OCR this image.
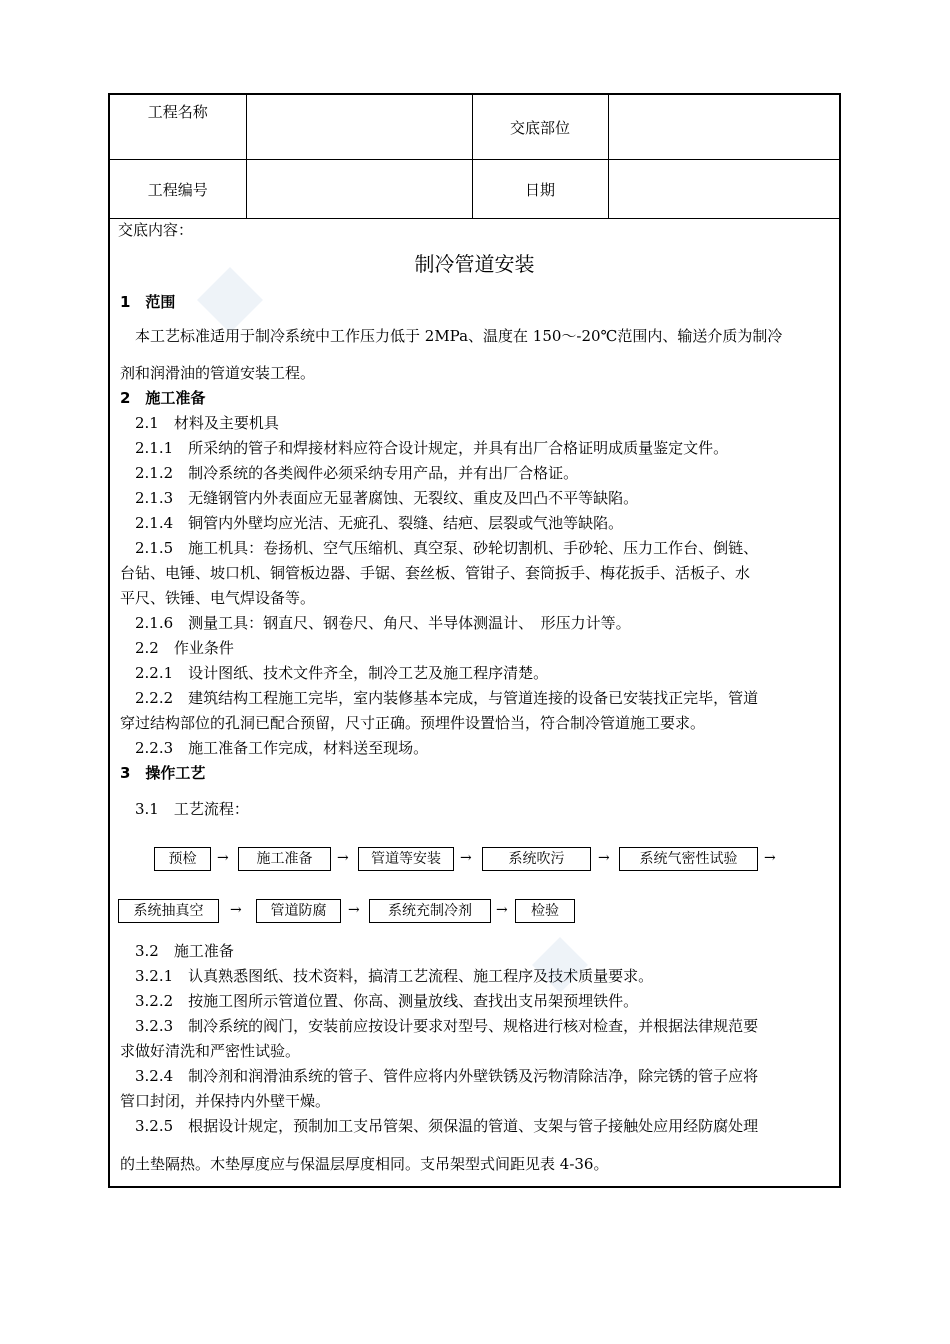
工程名称		交底部位	
工程编号		日期	
交底内容：
制冷管道安装
1　范围
本工艺标准适用于制冷系统中工作压力低于 2MPa、温度在 150～-20℃范围内、输送介质为制冷
剂和润滑油的管道安装工程。
2　施工准备
2.1　材料及主要机具
2.1.1　所采纳的管子和焊接材料应符合设计规定，并具有出厂合格证明成质量鉴定文件。
2.1.2　制冷系统的各类阀件必须采纳专用产品，并有出厂合格证。
2.1.3　无缝钢管内外表面应无显著腐蚀、无裂纹、重皮及凹凸不平等缺陷。
2.1.4　铜管内外壁均应光洁、无疵孔、裂缝、结疤、层裂或气池等缺陷。
2.1.5　施工机具：卷扬机、空气压缩机、真空泵、砂轮切割机、手砂轮、压力工作台、倒链、
台钻、电锤、坡口机、铜管板边器、手锯、套丝板、管钳子、套筒扳手、梅花扳手、活板子、水
平尺、铁锤、电气焊设备等。
2.1.6　测量工具：钢直尺、钢卷尺、角尺、半导体测温计、　形压力计等。
2.2　作业条件
2.2.1　设计图纸、技术文件齐全，制冷工艺及施工程序清楚。
2.2.2　建筑结构工程施工完毕，室内装修基本完成，与管道连接的设备已安装找正完毕，管道
穿过结构部位的孔洞已配合预留，尺寸正确。预埋件设置恰当，符合制冷管道施工要求。
2.2.3　施工准备工作完成，材料送至现场。
3　操作工艺
3.1　工艺流程：
预检	→	施工准备	→	管道等安装	→	系统吹污	→	系统气密性试验	→
系统抽真空	→	管道防腐	→	系统充制冷剂	→	检验
3.2　施工准备
3.2.1　认真熟悉图纸、技术资料，搞清工艺流程、施工程序及技术质量要求。
3.2.2　按施工图所示管道位置、你高、测量放线、查找出支吊架预埋铁件。
3.2.3　制冷系统的阀门，安装前应按设计要求对型号、规格进行核对检查，并根据法律规范要
求做好清洗和严密性试验。
3.2.4　制冷剂和润滑油系统的管子、管件应将内外壁铁锈及污物清除洁净，除完锈的管子应将
管口封闭，并保持内外壁干燥。
3.2.5　根据设计规定，预制加工支吊管架、须保温的管道、支架与管子接触处应用经防腐处理
的土垫隔热。木垫厚度应与保温层厚度相同。支吊架型式间距见表 4-36。
